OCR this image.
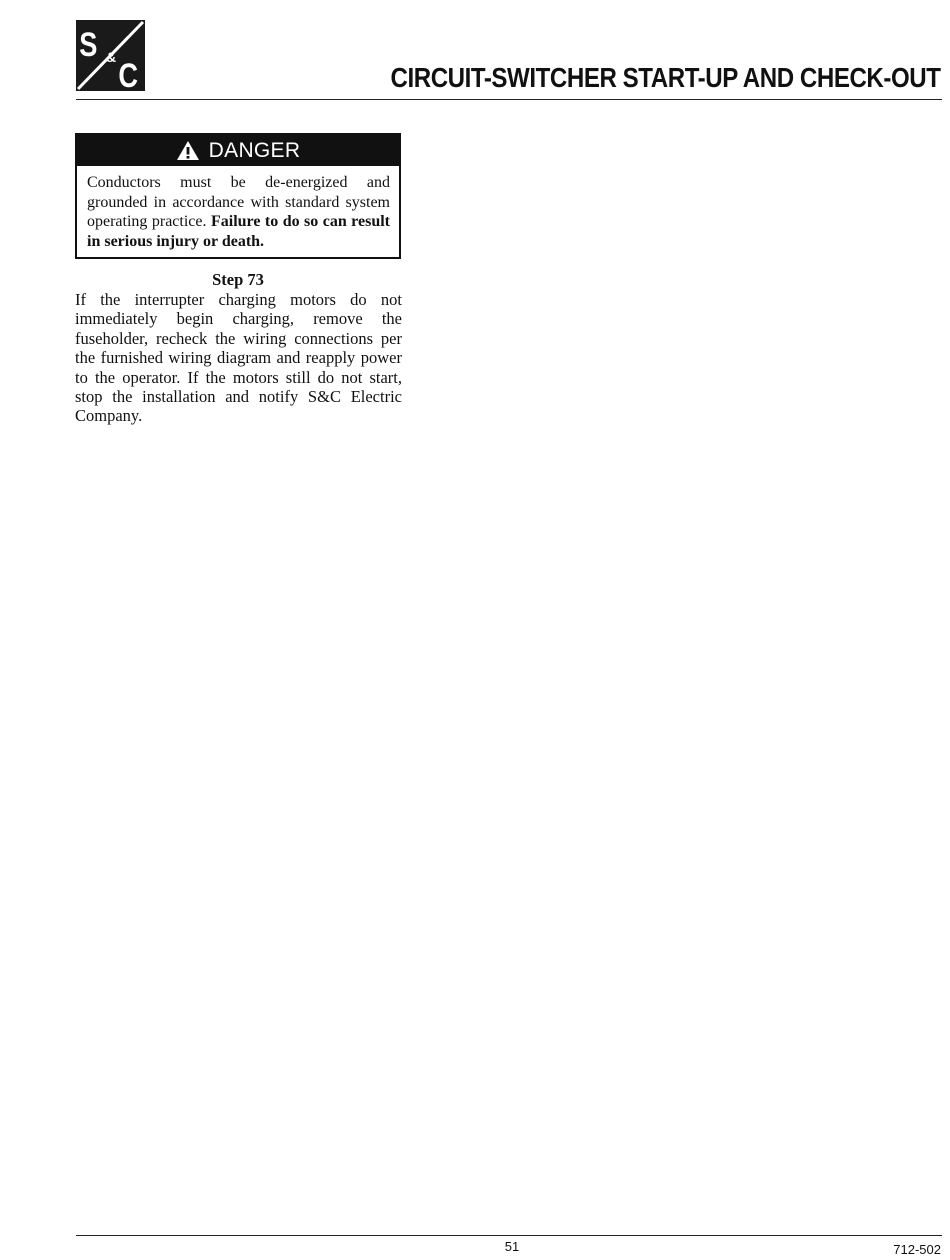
S & C	CIRCUIT-SWITCHER START-UP AND CHECK-OUT
DANGER
Conductors must be de-energized and grounded in accordance with standard system operating practice. Failure to do so can result in serious injury or death.
Step 73
If the interrupter charging motors do not immediately begin charging, remove the fuseholder, recheck the wiring connections per the furnished wiring diagram and reapply power to the operator. If the motors still do not start, stop the installation and notify S&C Electric Company.
51	712-502
